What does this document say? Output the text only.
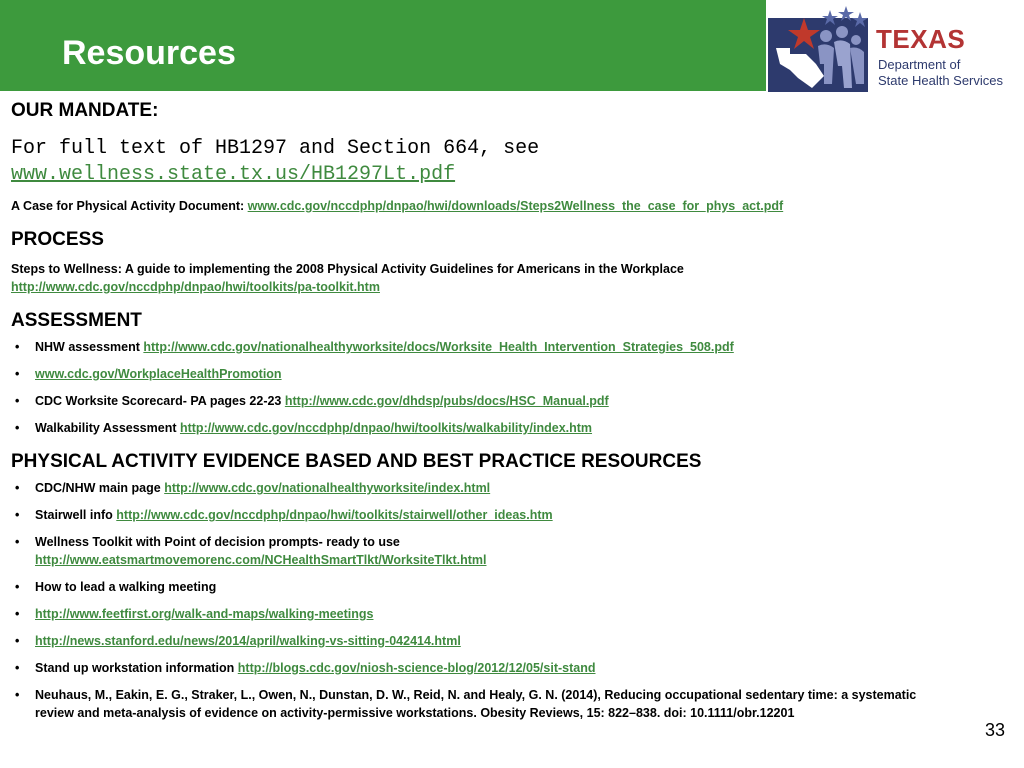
Resources	TEXAS
Department of
State Health Services
OUR MANDATE:
For full text of HB1297 and Section 664, see
www.wellness.state.tx.us/HB1297Lt.pdf
A Case for Physical Activity Document: www.cdc.gov/nccdphp/dnpao/hwi/downloads/Steps2Wellness_the_case_for_phys_act.pdf
PROCESS
Steps to Wellness: A guide to implementing the 2008 Physical Activity Guidelines for Americans in the Workplace
http://www.cdc.gov/nccdphp/dnpao/hwi/toolkits/pa-toolkit.htm
ASSESSMENT
• NHW assessment http://www.cdc.gov/nationalhealthyworksite/docs/Worksite_Health_Intervention_Strategies_508.pdf
• www.cdc.gov/WorkplaceHealthPromotion
• CDC Worksite Scorecard- PA pages 22-23 http://www.cdc.gov/dhdsp/pubs/docs/HSC_Manual.pdf
• Walkability Assessment http://www.cdc.gov/nccdphp/dnpao/hwi/toolkits/walkability/index.htm
PHYSICAL ACTIVITY EVIDENCE BASED AND BEST PRACTICE RESOURCES
• CDC/NHW main page http://www.cdc.gov/nationalhealthyworksite/index.html
• Stairwell info http://www.cdc.gov/nccdphp/dnpao/hwi/toolkits/stairwell/other_ideas.htm
• Wellness Toolkit with Point of decision prompts- ready to use
http://www.eatsmartmovemorenc.com/NCHealthSmartTlkt/WorksiteTlkt.html
• How to lead a walking meeting
• http://www.feetfirst.org/walk-and-maps/walking-meetings
• http://news.stanford.edu/news/2014/april/walking-vs-sitting-042414.html
• Stand up workstation information http://blogs.cdc.gov/niosh-science-blog/2012/12/05/sit-stand
• Neuhaus, M., Eakin, E. G., Straker, L., Owen, N., Dunstan, D. W., Reid, N. and Healy, G. N. (2014), Reducing occupational sedentary time: a systematic review and meta-analysis of evidence on activity-permissive workstations. Obesity Reviews, 15: 822–838. doi: 10.1111/obr.12201
33
